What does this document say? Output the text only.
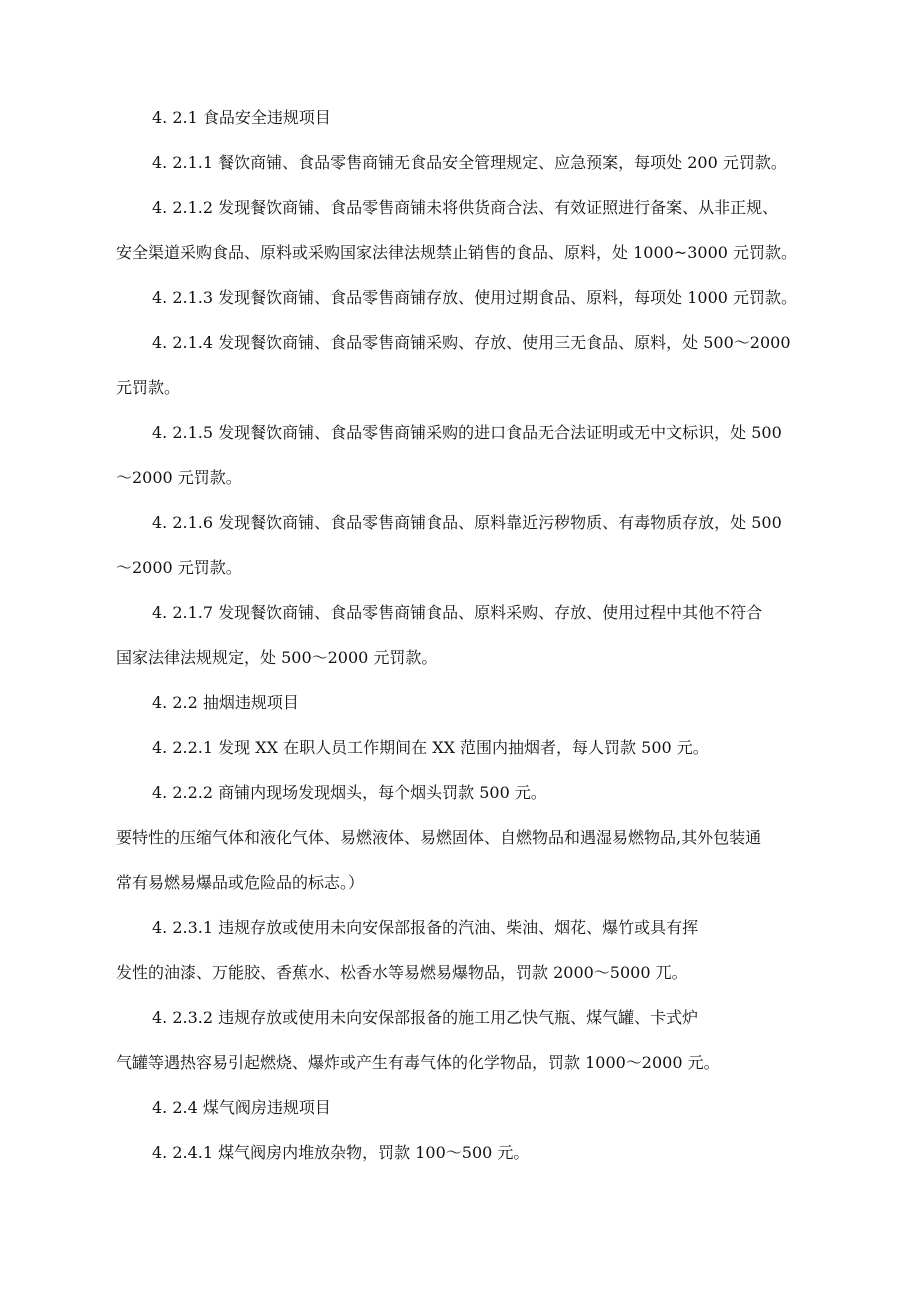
4. 2.1 食品安全违规项目
4. 2.1.1 餐饮商铺、食品零售商铺无食品安全管理规定、应急预案，每项处 200 元罚款。
4. 2.1.2 发现餐饮商铺、食品零售商铺未将供货商合法、有效证照进行备案、从非正规、
安全渠道采购食品、原料或采购国家法律法规禁止销售的食品、原料，处 1000~3000 元罚款。
4. 2.1.3 发现餐饮商铺、食品零售商铺存放、使用过期食品、原料，每项处 1000 元罚款。
4. 2.1.4 发现餐饮商铺、食品零售商铺采购、存放、使用三无食品、原料，处 500～2000
元罚款。
4. 2.1.5 发现餐饮商铺、食品零售商铺采购的进口食品无合法证明或无中文标识，处 500
～2000 元罚款。
4. 2.1.6 发现餐饮商铺、食品零售商铺食品、原料靠近污秽物质、有毒物质存放，处 500
～2000 元罚款。
4. 2.1.7 发现餐饮商铺、食品零售商铺食品、原料采购、存放、使用过程中其他不符合
国家法律法规规定，处 500～2000 元罚款。
4. 2.2 抽烟违规项目
4. 2.2.1 发现 XX 在职人员工作期间在 XX 范围内抽烟者，每人罚款 500 元。
4. 2.2.2 商铺内现场发现烟头，每个烟头罚款 500 元。
要特性的压缩气体和液化气体、易燃液体、易燃固体、自燃物品和遇湿易燃物品,其外包装通
常有易燃易爆品或危险品的标志。）
4. 2.3.1 违规存放或使用未向安保部报备的汽油、柴油、烟花、爆竹或具有挥
发性的油漆、万能胶、香蕉水、松香水等易燃易爆物品，罚款 2000～5000 兀。
4. 2.3.2 违规存放或使用未向安保部报备的施工用乙快气瓶、煤气罐、卡式炉
气罐等遇热容易引起燃烧、爆炸或产生有毒气体的化学物品，罚款 1000～2000 元。
4. 2.4 煤气阀房违规项目
4. 2.4.1 煤气阀房内堆放杂物，罚款 100～500 元。
